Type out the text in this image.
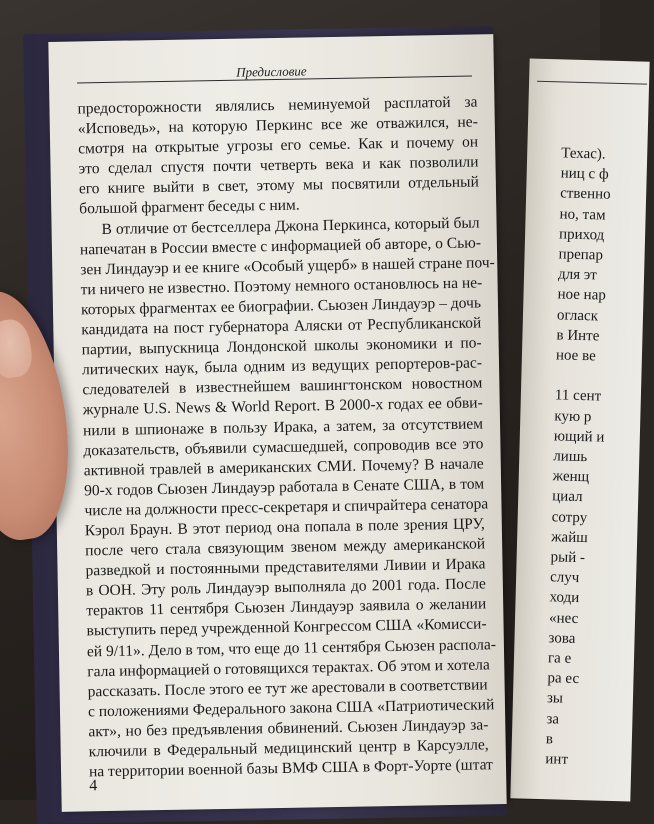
Техас).
ниц с ф
ственно
но, там
приход
препар
для эт
ное нар
огласк
в Инте
ное ве
11 сент
кую р
ющий и
лишь
женщ
циал
сотру
жайш
рый -
случ
ходи
«нес
зова
га е
ра ес
зы
за
в
инт
Предисловие
предосторожности являлись неминуемой расплатой за
«Исповедь», на которую Перкинс все же отважился, не-
смотря на открытые угрозы его семье. Как и почему он
это сделал спустя почти четверть века и как позволили
его книге выйти в свет, этому мы посвятили отдельный
большой фрагмент беседы с ним.
В отличие от бестселлера Джона Перкинса, который был
напечатан в России вместе с информацией об авторе, о Сью-
зен Линдауэр и ее книге «Особый ущерб» в нашей стране поч-
ти ничего не известно. Поэтому немного остановлюсь на не-
которых фрагментах ее биографии. Сьюзен Линдауэр – дочь
кандидата на пост губернатора Аляски от Республиканской
партии, выпускница Лондонской школы экономики и по-
литических наук, была одним из ведущих репортеров-рас-
следователей в известнейшем вашингтонском новостном
журнале U.S. News & World Report. В 2000-х годах ее обви-
нили в шпионаже в пользу Ирака, а затем, за отсутствием
доказательств, объявили сумасшедшей, сопроводив все это
активной травлей в американских СМИ. Почему? В начале
90-х годов Сьюзен Линдауэр работала в Сенате США, в том
числе на должности пресс-секретаря и спичрайтера сенатора
Кэрол Браун. В этот период она попала в поле зрения ЦРУ,
после чего стала связующим звеном между американской
разведкой и постоянными представителями Ливии и Ирака
в ООН. Эту роль Линдауэр выполняла до 2001 года. После
терактов 11 сентября Сьюзен Линдауэр заявила о желании
выступить перед учрежденной Конгрессом США «Комисси-
ей 9/11». Дело в том, что еще до 11 сентября Сьюзен распола-
гала информацией о готовящихся терактах. Об этом и хотела
рассказать. После этого ее тут же арестовали в соответствии
с положениями Федерального закона США «Патриотический
акт», но без предъявления обвинений. Сьюзен Линдауэр за-
ключили в Федеральный медицинский центр в Карсуэлле,
на территории военной базы ВМФ США в Форт-Уорте (штат
4
